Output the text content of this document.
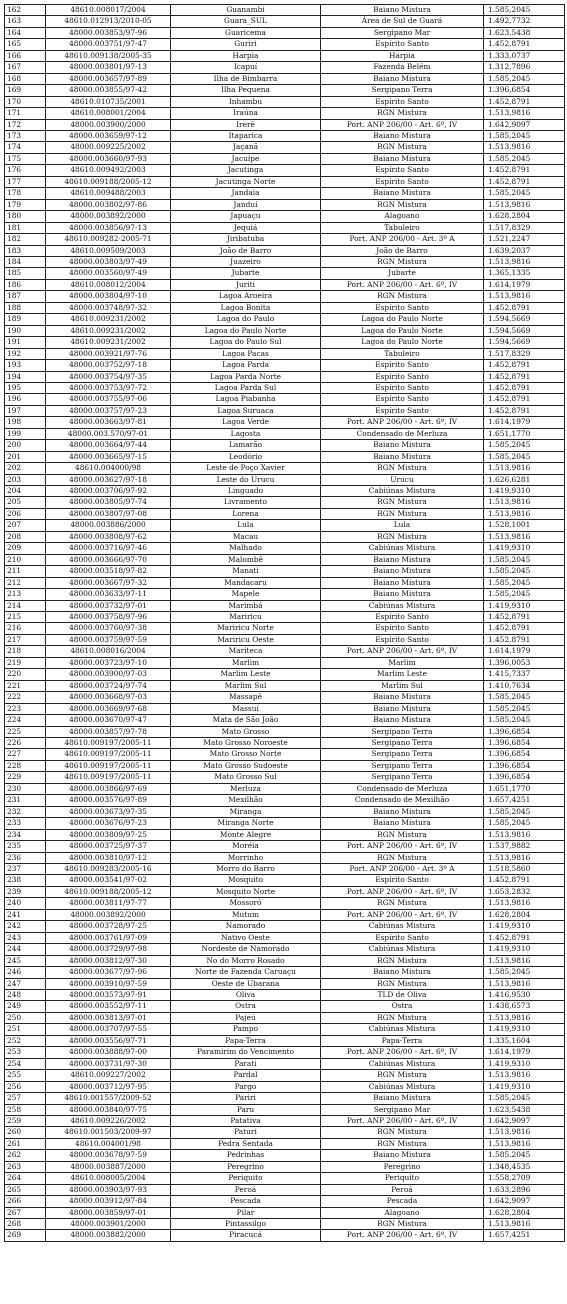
162	48610.008017/2004	Guanambi	Baiano Mistura	1.585,2045
163	48610.012913/2010-05	Guara_SUL	Área de Sul de Guará	1.492,7732
164	48000.003853/97-96	Guaricema	Sergipano Mar	1.623,5438
165	48000.003751/97-47	Guriri	Espírito Santo	1.452,8791
166	48610.009138/2005-35	Harpia	Harpia	1.333,0737
167	48000.003801/97-13	Icapuí	Fazenda Belém	1.312,7896
168	48000.003657/97-89	Ilha de Bimbarra	Baiano Mistura	1.585,2045
169	48000.003855/97-42	Ilha Pequena	Sergipano Terra	1.396,6854
170	48610.010735/2001	Inhambu	Espírito Santo	1.452,8791
171	48610.008001/2004	Iraúna	RGN Mistura	1.513,9816
172	48000.003900/2000	Irerê	Port. ANP 206/00 - Art. 6º, IV	1.642,9097
173	48000.003659/97-12	Itaparica	Baiano Mistura	1.585,2045
174	48000.009225/2002	Jaçanã	RGN Mistura	1.513,9816
175	48000.003660/97-93	Jacuípe	Baiano Mistura	1.585,2045
176	48610.009492/2003	Jacutinga	Espírito Santo	1.452,8791
177	48610.009188/2005-12	Jacutinga Norte	Espírito Santo	1.452,8791
178	48610.009488/2003	Jandaia	Baiano Mistura	1.585,2045
179	48000.003802/97-86	Janduí	RGN Mistura	1.513,9816
180	48000.003892/2000	Japuaçu	Alagoano	1.628,2804
181	48000.003856/97-13	Jequiá	Tabuleiro	1.517,8329
182	48610.009282-2005-71	Jiribatuba	Port. ANP 206/00 - Art. 3º A	1.521,2247
183	48610.009509/2003	João de Barro	João de Barro	1.639,2037
184	48000.003803/97-49	Juazeiro	RGN Mistura	1.513,9816
185	48000.003560/97-49	Jubarte	Jubarte	1.365,1335
186	48610.008012/2004	Juriti	Port. ANP 206/00 - Art. 6º, IV	1.614,1979
187	48000.003804/97-10	Lagoa Aroeira	RGN Mistura	1.513,9816
188	48000.003748/97-32	Lagoa Bonita	Espírito Santo	1.452,8791
189	48610.009231/2002	Lagoa do Paulo	Lagoa do Paulo Norte	1.594,5669
190	48610.009231/2002	Lagoa do Paulo Norte	Lagoa do Paulo Norte	1.594,5669
191	48610.009231/2002	Lagoa do Paulo Sul	Lagoa do Paulo Norte	1.594,5669
192	48000.003921/97-76	Lagoa Pacas	Tabuleiro	1.517,8329
193	48000.003752/97-18	Lagoa Parda	Espírito Santo	1.452,8791
194	48000.003754/97-35	Lagoa Parda Norte	Espírito Santo	1.452,8791
195	48000.003753/97-72	Lagoa Parda Sul	Espírito Santo	1.452,8791
196	48000.003755/97-06	Lagoa Piabanha	Espírito Santo	1.452,8791
197	48000.003757/97-23	Lagoa Suruaca	Espírito Santo	1.452,8791
198	48000.003663/97-81	Lagoa Verde	Port. ANP 206/00 - Art. 6º, IV	1.614,1979
199	48000.003.570/97-01	Lagosta	Condensado de Merluza	1.651,1770
200	48000.003664/97-44	Lamarão	Baiano Mistura	1.585,2045
201	48000.003665/97-15	Leodório	Baiano Mistura	1.585,2045
202	48610.004000/98	Leste de Poço Xavier	RGN Mistura	1.513,9816
203	48000.003627/97-18	Leste do Urucu	Urucu	1.626,6281
204	48000.003706/97-92	Linguado	Cabiúnas Mistura	1.419,9310
205	48000.003805/97-74	Livramento	RGN Mistura	1.513,9816
206	48000.003807/97-08	Lorena	RGN Mistura	1.513,9816
207	48000.003886/2000	Lula	Lula	1.528,1001
208	48000.003808/97-62	Macau	RGN Mistura	1.513,9816
209	48000.003716/97-46	Malhado	Cabiúnas Mistura	1.419,9310
210	48000.003666/97-70	Malombê	Baiano Mistura	1.585,2045
211	48000.003518/97-82	Manati	Baiano Mistura	1.585,2045
212	48000.003667/97-32	Mandacaru	Baiano Mistura	1.585,2045
213	48000.003633/97-11	Mapele	Baiano Mistura	1.585,2045
214	48000.003732/97-01	Marimbá	Cabiúnas Mistura	1.419,9310
215	48000.003758/97-96	Mariricu	Espírito Santo	1.452,8791
216	48000.003760/97-38	Mariricu Norte	Espírito Santo	1.452,8791
217	48000.003759/97-59	Mariricu Oeste	Espírito Santo	1.452,8791
218	48610.008016/2004	Mariteca	Port. ANP 206/00 - Art. 6º, IV	1.614,1979
219	48000.003723/97-10	Marlim	Marlim	1.396,0053
220	48000.003900/97-03	Marlim Leste	Marlim Leste	1.415,7337
221	48000.003724/97-74	Marlim Sul	Marlim Sul	1.410,7634
222	48000.003668/97-03	Massapê	Baiano Mistura	1.585,2045
223	48000.003669/97-68	Massuí	Baiano Mistura	1.585,2045
224	48000.003670/97-47	Mata de São João	Baiano Mistura	1.585,2045
225	48000.003857/97-78	Mato Grosso	Sergipano Terra	1.396,6854
226	48610.009197/2005-11	Mato Grosso Noroeste	Sergipano Terra	1.396,6854
227	48610.009197/2005-11	Mato Grosso Norte	Sergipano Terra	1.396,6854
228	48610.009197/2005-11	Mato Grosso Sudoeste	Sergipano Terra	1.396,6854
229	48610.009197/2005-11	Mato Grosso Sul	Sergipano Terra	1.396,6854
230	48000.003866/97-69	Merluza	Condensado de Merluza	1.651,1770
231	48000.003576/97-89	Mexilhão	Condensado de Mexilhão	1.657,4251
232	48000.003673/97-35	Miranga	Baiano Mistura	1.585,2045
233	48000.003676/97-23	Miranga Norte	Baiano Mistura	1.585,2045
234	48000.003809/97-25	Monte Alegre	RGN Mistura	1.513,9816
235	48000.003725/97-37	Moréia	Port. ANP 206/00 - Art. 6º, IV	1.537,9882
236	48000.003810/97-12	Morrinho	RGN Mistura	1.513,9816
237	48610.009283/2005-16	Morro do Barro	Port. ANP 206/00 - Art. 3º A	1.518,5860
238	48000.003541/97-02	Mosquito	Espírito Santo	1.452,8791
239	48610.009188/2005-12	Mosquito Norte	Port. ANP 206/00 - Art. 6º, IV	1.653,2832
240	48000.003811/97-77	Mossoró	RGN Mistura	1.513,9816
241	48000.003892/2000	Mutum	Port. ANP 206/00 - Art. 6º, IV	1.628,2804
242	48000.003728/97-25	Namorado	Cabiúnas Mistura	1.419,9310
243	48000.003761/97-09	Nativo Oeste	Espírito Santo	1.452,8791
244	48000.003729/97-98	Nordeste de Namorado	Cabiúnas Mistura	1.419,9310
245	48000.003812/97-30	No do Morro Rosado	RGN Mistura	1.513,9816
246	48000.003677/97-96	Norte de Fazenda Caruaçu	Baiano Mistura	1.585,2045
247	48000.003910/97-59	Oeste de Ubarana	RGN Mistura	1.513,9816
248	48000.003573/97-91	Oliva	TLD de Oliva	1.416,9530
249	48000.003552/97-11	Ostra	Ostra	1.438,6573
250	48000.003813/97-01	Pajeú	RGN Mistura	1.513,9816
251	48000.003707/97-55	Pampo	Cabiúnas Mistura	1.419,9310
252	48000.003556/97-71	Papa-Terra	Papa-Terra	1.335,1604
253	48000.003888/97-00	Paramirim do Vencimento	Port. ANP 206/00 - Art. 6º, IV	1.614,1979
254	48000.003731/97-30	Parati	Cabiúnas Mistura	1.419,9310
255	48610.009227/2002	Pardal	RGN Mistura	1.513,9816
256	48000.003712/97-95	Pargo	Cabiúnas Mistura	1.419,9310
257	48610.001557/2009-52	Pariri	Baiano Mistura	1.585,2045
258	48000.003840/97-75	Paru	Sergipano Mar	1.623,5438
259	48610.009226/2002	Patativa	Port. ANP 206/00 - Art. 6º, IV	1.642,9097
260	48610.001503/2009-97	Paturi	RGN Mistura	1.513,9816
261	48610.004001/98	Pedra Sentada	RGN Mistura	1.513,9816
262	48000.003678/97-59	Pedrinhas	Baiano Mistura	1.585,2045
263	48000.003887/2000	Peregrino	Peregrino	1.348,4535
264	48610.008005/2004	Periquito	Periquito	1.558,2709
265	48000.003903/97-93	Peroá	Peroá	1.633,2896
266	48000.003912/97-84	Pescada	Pescada	1.642,9097
267	48000.003859/97-01	Pilar	Alagoano	1.628,2804
268	48000.003901/2000	Pintassilgo	RGN Mistura	1.513,9816
269	48000.003882/2000	Piracucá	Port. ANP 206/00 - Art. 6º, IV	1.657,4251
